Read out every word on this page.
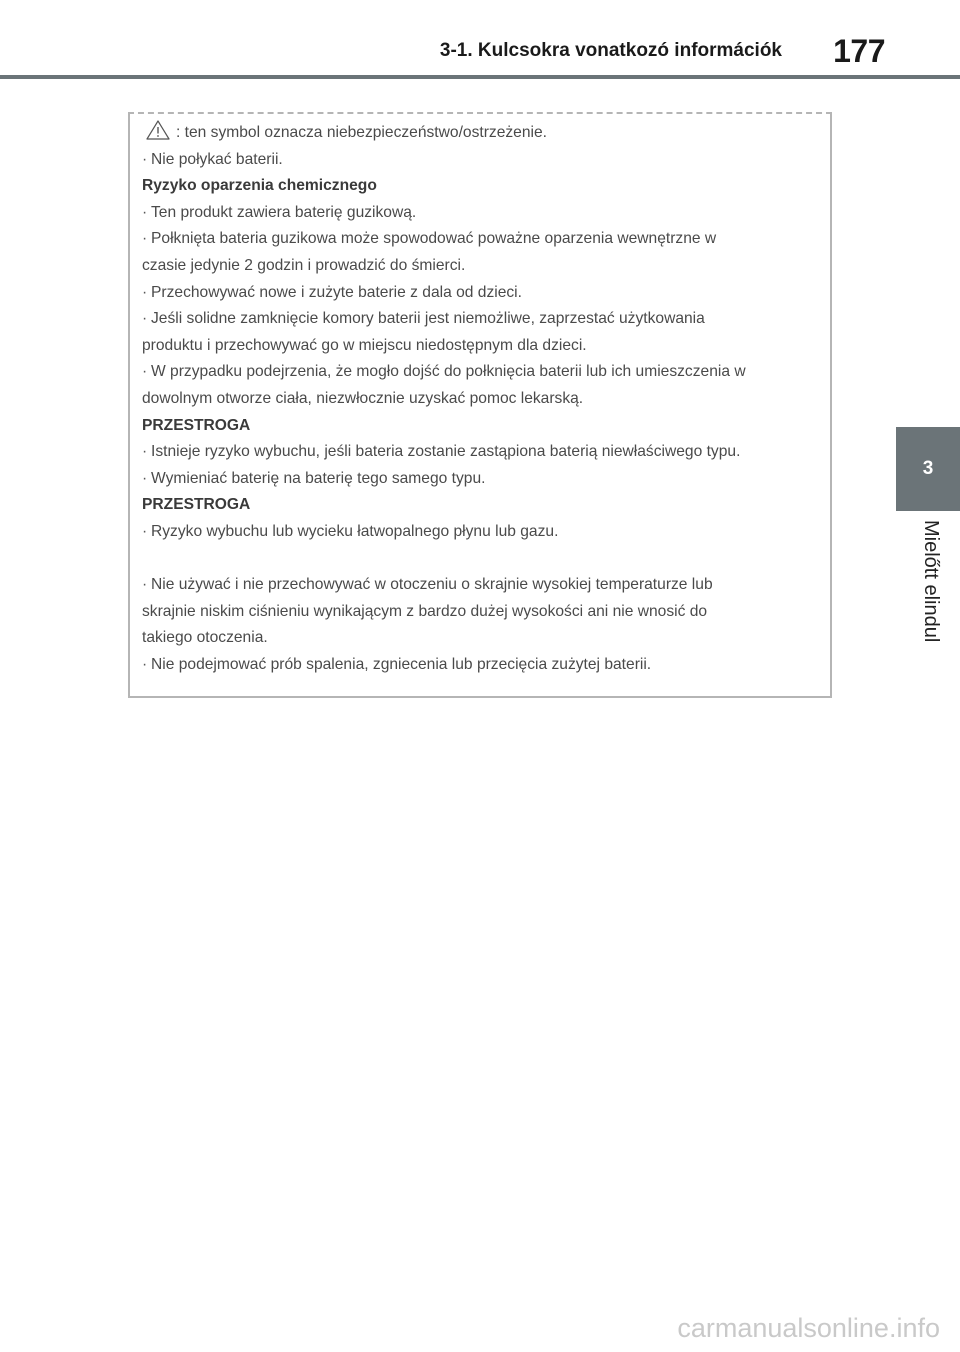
3-1. Kulcsokra vonatkozó információk 177
3
Mielőtt elindul
: ten symbol oznacza niebezpieczeństwo/ostrzeżenie.
· Nie połykać baterii.
Ryzyko oparzenia chemicznego
· Ten produkt zawiera baterię guzikową.
· Połknięta bateria guzikowa może spowodować poważne oparzenia wewnętrzne w
czasie jedynie 2 godzin i prowadzić do śmierci.
· Przechowywać nowe i zużyte baterie z dala od dzieci.
· Jeśli solidne zamknięcie komory baterii jest niemożliwe, zaprzestać użytkowania
produktu i przechowywać go w miejscu niedostępnym dla dzieci.
· W przypadku podejrzenia, że mogło dojść do połknięcia baterii lub ich umieszczenia w
dowolnym otworze ciała, niezwłocznie uzyskać pomoc lekarską.
PRZESTROGA
· Istnieje ryzyko wybuchu, jeśli bateria zostanie zastąpiona baterią niewłaściwego typu.
· Wymieniać baterię na baterię tego samego typu.
PRZESTROGA
· Ryzyko wybuchu lub wycieku łatwopalnego płynu lub gazu.
· Nie używać i nie przechowywać w otoczeniu o skrajnie wysokiej temperaturze lub
skrajnie niskim ciśnieniu wynikającym z bardzo dużej wysokości ani nie wnosić do
takiego otoczenia.
· Nie podejmować prób spalenia, zgniecenia lub przecięcia zużytej baterii.
carmanualsonline.info
